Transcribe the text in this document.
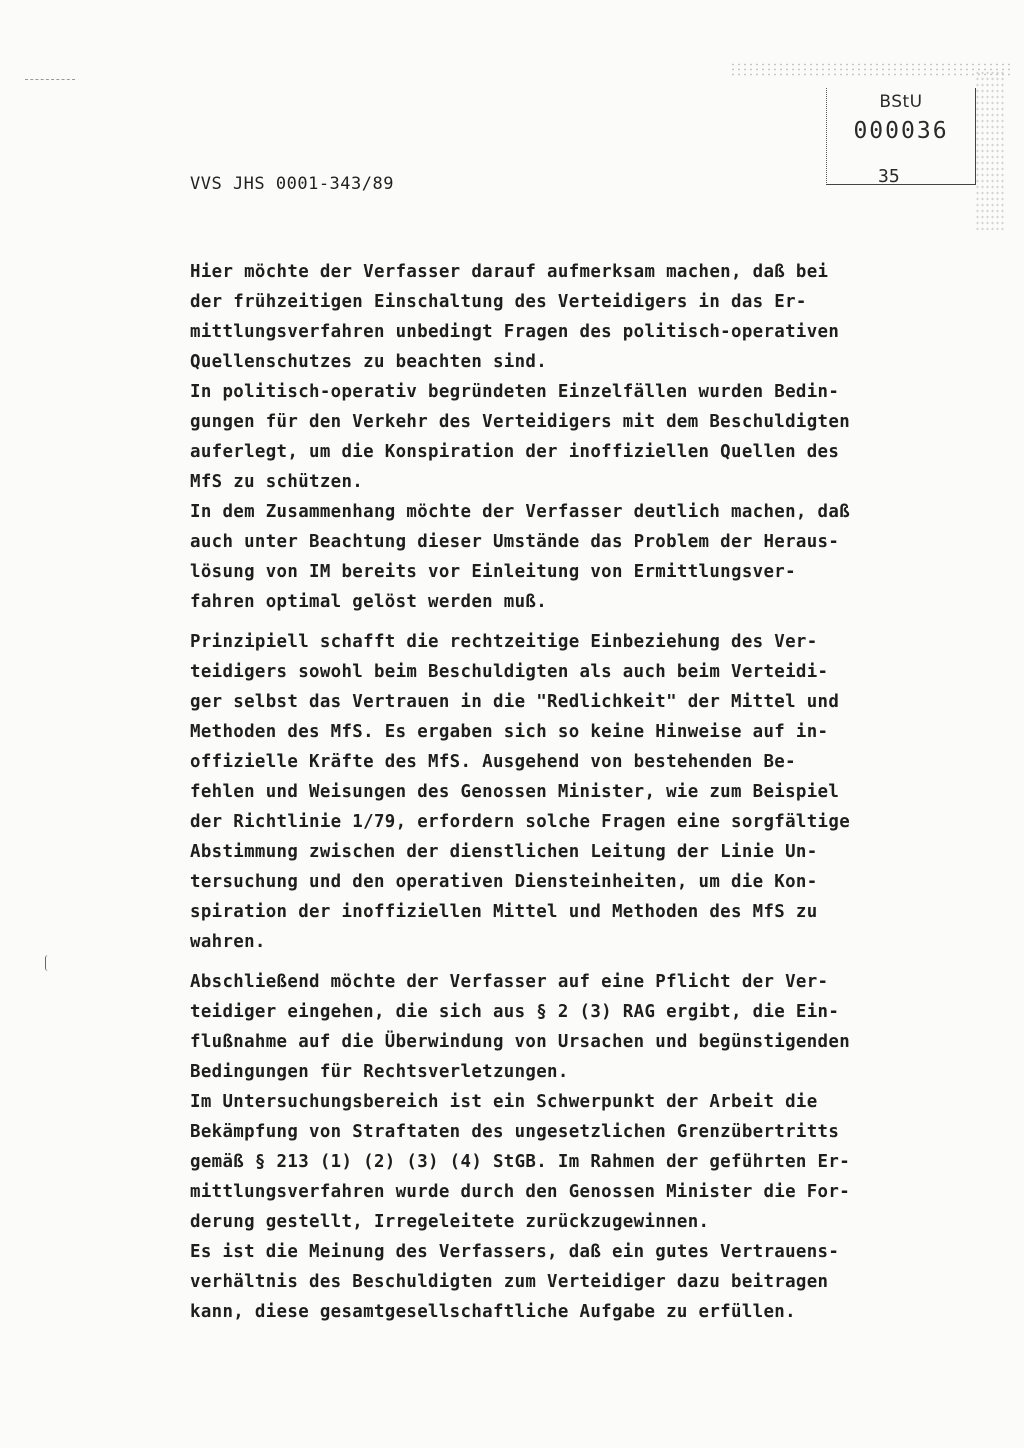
BStU
000036
35
VVS JHS 0001-343/89
Hier möchte der Verfasser darauf aufmerksam machen, daß bei
der frühzeitigen Einschaltung des Verteidigers in das Er-
mittlungsverfahren unbedingt Fragen des politisch-operativen
Quellenschutzes zu beachten sind.
In politisch-operativ begründeten Einzelfällen wurden Bedin-
gungen für den Verkehr des Verteidigers mit dem Beschuldigten
auferlegt, um die Konspiration der inoffiziellen Quellen des
MfS zu schützen.
In dem Zusammenhang möchte der Verfasser deutlich machen, daß
auch unter Beachtung dieser Umstände das Problem der Heraus-
lösung von IM bereits vor Einleitung von Ermittlungsver-
fahren optimal gelöst werden muß.
Prinzipiell schafft die rechtzeitige Einbeziehung des Ver-
teidigers sowohl beim Beschuldigten als auch beim Verteidi-
ger selbst das Vertrauen in die "Redlichkeit" der Mittel und
Methoden des MfS. Es ergaben sich so keine Hinweise auf in-
offizielle Kräfte des MfS. Ausgehend von bestehenden Be-
fehlen und Weisungen des Genossen Minister, wie zum Beispiel
der Richtlinie 1/79, erfordern solche Fragen eine sorgfältige
Abstimmung zwischen der dienstlichen Leitung der Linie Un-
tersuchung und den operativen Diensteinheiten, um die Kon-
spiration der inoffiziellen Mittel und Methoden des MfS zu
wahren.
Abschließend möchte der Verfasser auf eine Pflicht der Ver-
teidiger eingehen, die sich aus § 2 (3) RAG ergibt, die Ein-
flußnahme auf die Überwindung von Ursachen und begünstigenden
Bedingungen für Rechtsverletzungen.
Im Untersuchungsbereich ist ein Schwerpunkt der Arbeit die
Bekämpfung von Straftaten des ungesetzlichen Grenzübertritts
gemäß § 213 (1) (2) (3) (4) StGB. Im Rahmen der geführten Er-
mittlungsverfahren wurde durch den Genossen Minister die For-
derung gestellt, Irregeleitete zurückzugewinnen.
Es ist die Meinung des Verfassers, daß ein gutes Vertrauens-
verhältnis des Beschuldigten zum Verteidiger dazu beitragen
kann, diese gesamtgesellschaftliche Aufgabe zu erfüllen.
